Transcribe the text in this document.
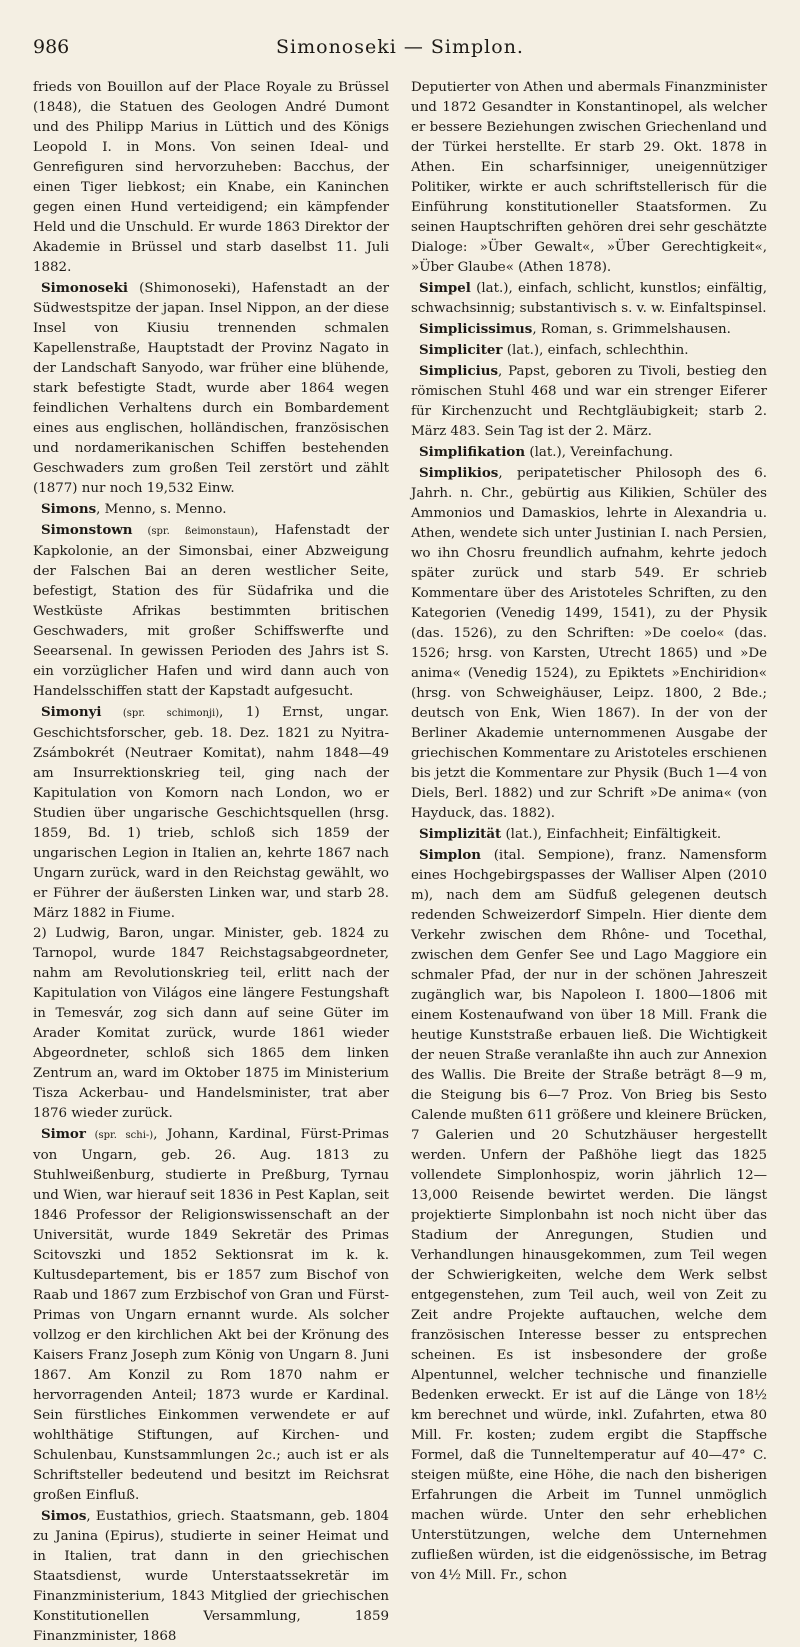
986	Simonoseki — Simplon.

frieds von Bouillon auf der Place Royale zu Brüssel (1848), die Statuen des Geologen André Dumont und des Philipp Marius in Lüttich und des Königs Leopold I. in Mons. Von seinen Ideal- und Genrefiguren sind hervorzuheben: Bacchus, der einen Tiger liebkost; ein Knabe, ein Kaninchen gegen einen Hund verteidigend; ein kämpfender Held und die Unschuld. Er wurde 1863 Direktor der Akademie in Brüssel und starb daselbst 11. Juli 1882.

Simonoseki (Shimonoseki), Hafenstadt an der Südwestspitze der japan. Insel Nippon, an der diese Insel von Kiusiu trennenden schmalen Kapellenstraße, Hauptstadt der Provinz Nagato in der Landschaft Sanyodo, war früher eine blühende, stark befestigte Stadt, wurde aber 1864 wegen feindlichen Verhaltens durch ein Bombardement eines aus englischen, holländischen, französischen und nordamerikanischen Schiffen bestehenden Geschwaders zum großen Teil zerstört und zählt (1877) nur noch 19,532 Einw.

Simons, Menno, s. Menno.

Simonstown (spr. ßeimonstaun), Hafenstadt der Kapkolonie, an der Simonsbai, einer Abzweigung der Falschen Bai an deren westlicher Seite, befestigt, Station des für Südafrika und die Westküste Afrikas bestimmten britischen Geschwaders, mit großer Schiffswerfte und Seearsenal. In gewissen Perioden des Jahrs ist S. ein vorzüglicher Hafen und wird dann auch von Handelsschiffen statt der Kapstadt aufgesucht.

Simonyi (spr. schimonji), 1) Ernst, ungar. Geschichtsforscher, geb. 18. Dez. 1821 zu Nyitra-Zsámbokrét (Neutraer Komitat), nahm 1848—49 am Insurrektionskrieg teil, ging nach der Kapitulation von Komorn nach London, wo er Studien über ungarische Geschichtsquellen (hrsg. 1859, Bd. 1) trieb, schloß sich 1859 der ungarischen Legion in Italien an, kehrte 1867 nach Ungarn zurück, ward in den Reichstag gewählt, wo er Führer der äußersten Linken war, und starb 28. März 1882 in Fiume.

2) Ludwig, Baron, ungar. Minister, geb. 1824 zu Tarnopol, wurde 1847 Reichstagsabgeordneter, nahm am Revolutionskrieg teil, erlitt nach der Kapitulation von Világos eine längere Festungshaft in Temesvár, zog sich dann auf seine Güter im Arader Komitat zurück, wurde 1861 wieder Abgeordneter, schloß sich 1865 dem linken Zentrum an, ward im Oktober 1875 im Ministerium Tisza Ackerbau- und Handelsminister, trat aber 1876 wieder zurück.

Simor (spr. schi-), Johann, Kardinal, Fürst-Primas von Ungarn, geb. 26. Aug. 1813 zu Stuhlweißenburg, studierte in Preßburg, Tyrnau und Wien, war hierauf seit 1836 in Pest Kaplan, seit 1846 Professor der Religionswissenschaft an der Universität, wurde 1849 Sekretär des Primas Scitovszki und 1852 Sektionsrat im k. k. Kultusdepartement, bis er 1857 zum Bischof von Raab und 1867 zum Erzbischof von Gran und Fürst-Primas von Ungarn ernannt wurde. Als solcher vollzog er den kirchlichen Akt bei der Krönung des Kaisers Franz Joseph zum König von Ungarn 8. Juni 1867. Am Konzil zu Rom 1870 nahm er hervorragenden Anteil; 1873 wurde er Kardinal. Sein fürstliches Einkommen verwendete er auf wohlthätige Stiftungen, auf Kirchen- und Schulenbau, Kunstsammlungen 2c.; auch ist er als Schriftsteller bedeutend und besitzt im Reichsrat großen Einfluß.

Simos, Eustathios, griech. Staatsmann, geb. 1804 zu Janina (Epirus), studierte in seiner Heimat und in Italien, trat dann in den griechischen Staatsdienst, wurde Unterstaatssekretär im Finanzministerium, 1843 Mitglied der griechischen Konstitutionellen Versammlung, 1859 Finanzminister, 1868

Deputierter von Athen und abermals Finanzminister und 1872 Gesandter in Konstantinopel, als welcher er bessere Beziehungen zwischen Griechenland und der Türkei herstellte. Er starb 29. Okt. 1878 in Athen. Ein scharfsinniger, uneigennütziger Politiker, wirkte er auch schriftstellerisch für die Einführung konstitutioneller Staatsformen. Zu seinen Hauptschriften gehören drei sehr geschätzte Dialoge: »Über Gewalt«, »Über Gerechtigkeit«, »Über Glaube« (Athen 1878).

Simpel (lat.), einfach, schlicht, kunstlos; einfältig, schwachsinnig; substantivisch s. v. w. Einfaltspinsel.

Simplicissimus, Roman, s. Grimmelshausen.

Simpliciter (lat.), einfach, schlechthin.

Simplicius, Papst, geboren zu Tivoli, bestieg den römischen Stuhl 468 und war ein strenger Eiferer für Kirchenzucht und Rechtgläubigkeit; starb 2. März 483. Sein Tag ist der 2. März.

Simplifikation (lat.), Vereinfachung.

Simplikios, peripatetischer Philosoph des 6. Jahrh. n. Chr., gebürtig aus Kilikien, Schüler des Ammonios und Damaskios, lehrte in Alexandria u. Athen, wendete sich unter Justinian I. nach Persien, wo ihn Chosru freundlich aufnahm, kehrte jedoch später zurück und starb 549. Er schrieb Kommentare über des Aristoteles Schriften, zu den Kategorien (Venedig 1499, 1541), zu der Physik (das. 1526), zu den Schriften: »De coelo« (das. 1526; hrsg. von Karsten, Utrecht 1865) und »De anima« (Venedig 1524), zu Epiktets »Enchiridion« (hrsg. von Schweighäuser, Leipz. 1800, 2 Bde.; deutsch von Enk, Wien 1867). In der von der Berliner Akademie unternommenen Ausgabe der griechischen Kommentare zu Aristoteles erschienen bis jetzt die Kommentare zur Physik (Buch 1—4 von Diels, Berl. 1882) und zur Schrift »De anima« (von Hayduck, das. 1882).

Simplizität (lat.), Einfachheit; Einfältigkeit.

Simplon (ital. Sempione), franz. Namensform eines Hochgebirgspasses der Walliser Alpen (2010 m), nach dem am Südfuß gelegenen deutsch redenden Schweizerdorf Simpeln. Hier diente dem Verkehr zwischen dem Rhône- und Tocethal, zwischen dem Genfer See und Lago Maggiore ein schmaler Pfad, der nur in der schönen Jahreszeit zugänglich war, bis Napoleon I. 1800—1806 mit einem Kostenaufwand von über 18 Mill. Frank die heutige Kunststraße erbauen ließ. Die Wichtigkeit der neuen Straße veranlaßte ihn auch zur Annexion des Wallis. Die Breite der Straße beträgt 8—9 m, die Steigung bis 6—7 Proz. Von Brieg bis Sesto Calende mußten 611 größere und kleinere Brücken, 7 Galerien und 20 Schutzhäuser hergestellt werden. Unfern der Paßhöhe liegt das 1825 vollendete Simplonhospiz, worin jährlich 12—13,000 Reisende bewirtet werden. Die längst projektierte Simplonbahn ist noch nicht über das Stadium der Anregungen, Studien und Verhandlungen hinausgekommen, zum Teil wegen der Schwierigkeiten, welche dem Werk selbst entgegenstehen, zum Teil auch, weil von Zeit zu Zeit andre Projekte auftauchen, welche dem französischen Interesse besser zu entsprechen scheinen. Es ist insbesondere der große Alpentunnel, welcher technische und finanzielle Bedenken erweckt. Er ist auf die Länge von 18½ km berechnet und würde, inkl. Zufahrten, etwa 80 Mill. Fr. kosten; zudem ergibt die Stapffsche Formel, daß die Tunneltemperatur auf 40—47° C. steigen müßte, eine Höhe, die nach den bisherigen Erfahrungen die Arbeit im Tunnel unmöglich machen würde. Unter den sehr erheblichen Unterstützungen, welche dem Unternehmen zufließen würden, ist die eidgenössische, im Betrag von 4½ Mill. Fr., schon
